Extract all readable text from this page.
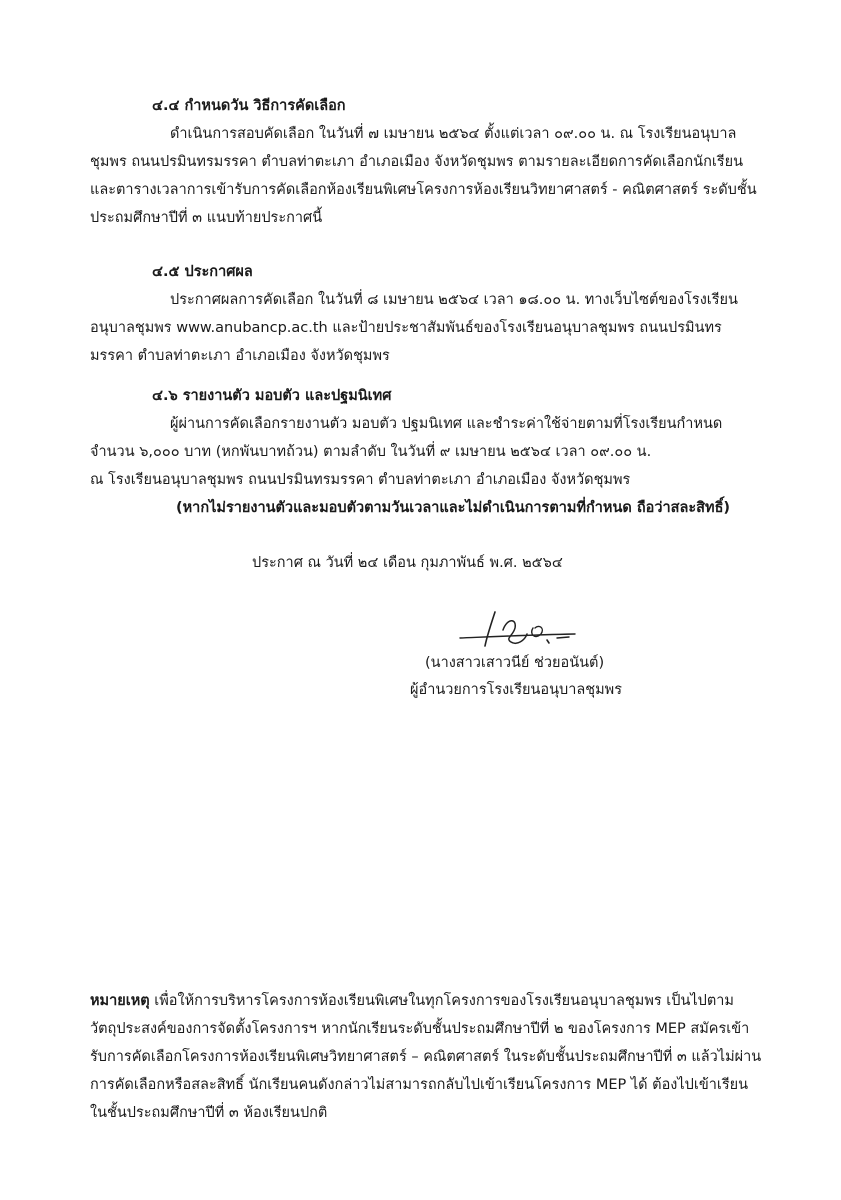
๔.๔ กำหนดวัน วิธีการคัดเลือก
ดำเนินการสอบคัดเลือก ในวันที่ ๗ เมษายน ๒๕๖๔ ตั้งแต่เวลา ๐๙.๐๐ น. ณ โรงเรียนอนุบาล
ชุมพร ถนนปรมินทรมรรคา ตำบลท่าตะเภา อำเภอเมือง จังหวัดชุมพร ตามรายละเอียดการคัดเลือกนักเรียน
และตารางเวลาการเข้ารับการคัดเลือกห้องเรียนพิเศษโครงการห้องเรียนวิทยาศาสตร์ - คณิตศาสตร์ ระดับชั้น
ประถมศึกษาปีที่ ๓ แนบท้ายประกาศนี้
๔.๕ ประกาศผล
ประกาศผลการคัดเลือก ในวันที่ ๘ เมษายน ๒๕๖๔ เวลา ๑๘.๐๐ น. ทางเว็บไซต์ของโรงเรียน
อนุบาลชุมพร www.anubancp.ac.th และป้ายประชาสัมพันธ์ของโรงเรียนอนุบาลชุมพร ถนนปรมินทร
มรรคา ตำบลท่าตะเภา อำเภอเมือง จังหวัดชุมพร
๔.๖ รายงานตัว มอบตัว และปฐมนิเทศ
ผู้ผ่านการคัดเลือกรายงานตัว มอบตัว ปฐมนิเทศ และชำระค่าใช้จ่ายตามที่โรงเรียนกำหนด
จำนวน ๖,๐๐๐ บาท (หกพันบาทถ้วน) ตามลำดับ ในวันที่ ๙ เมษายน ๒๕๖๔ เวลา ๐๙.๐๐ น.
ณ โรงเรียนอนุบาลชุมพร ถนนปรมินทรมรรคา ตำบลท่าตะเภา อำเภอเมือง จังหวัดชุมพร
(หากไม่รายงานตัวและมอบตัวตามวันเวลาและไม่ดำเนินการตามที่กำหนด ถือว่าสละสิทธิ์)
ประกาศ ณ วันที่ ๒๔ เดือน กุมภาพันธ์ พ.ศ. ๒๕๖๔
(นางสาวเสาวนีย์ ช่วยอนันต์)
ผู้อำนวยการโรงเรียนอนุบาลชุมพร
หมายเหตุ เพื่อให้การบริหารโครงการห้องเรียนพิเศษในทุกโครงการของโรงเรียนอนุบาลชุมพร เป็นไปตาม
วัตถุประสงค์ของการจัดตั้งโครงการฯ หากนักเรียนระดับชั้นประถมศึกษาปีที่ ๒ ของโครงการ MEP สมัครเข้า
รับการคัดเลือกโครงการห้องเรียนพิเศษวิทยาศาสตร์ – คณิตศาสตร์ ในระดับชั้นประถมศึกษาปีที่ ๓ แล้วไม่ผ่าน
การคัดเลือกหรือสละสิทธิ์ นักเรียนคนดังกล่าวไม่สามารถกลับไปเข้าเรียนโครงการ MEP ได้ ต้องไปเข้าเรียน
ในชั้นประถมศึกษาปีที่ ๓ ห้องเรียนปกติ
